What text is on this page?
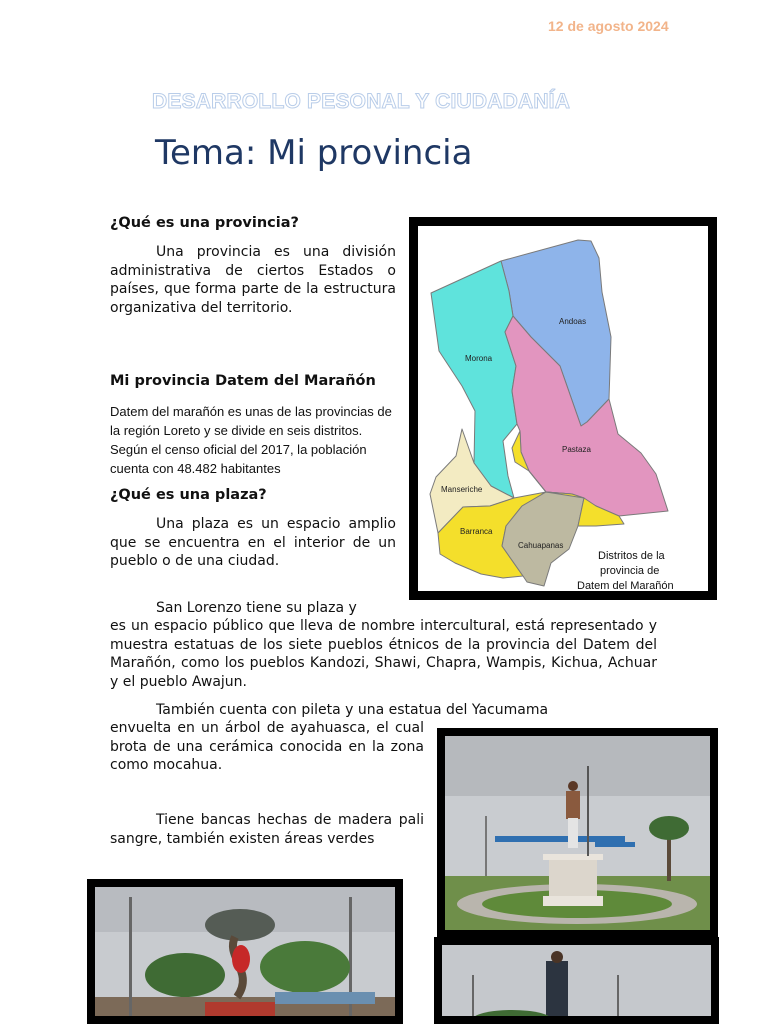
12 de agosto 2024
DESARROLLO PESONAL Y CIUDADANÍA
Tema: Mi provincia
¿Qué es una provincia?
Una provincia es una división administrativa de ciertos Estados o países, que forma parte de la estructura organizativa del territorio.
Mi provincia Datem del Marañón
Datem del marañón es unas de las provincias de la región Loreto y se divide en seis distritos. Según el censo oficial del 2017, la población cuenta con 48.482 habitantes
¿Qué es una plaza?
Una plaza es un espacio amplio que se encuentra en el interior de un pueblo o de una ciudad.
San Lorenzo tiene su plaza y
es un espacio público que lleva de nombre intercultural, está representado y muestra estatuas de los siete pueblos étnicos de la provincia del Datem del Marañón, como los pueblos Kandozi, Shawi, Chapra, Wampis, Kichua, Achuar y el pueblo Awajun.
También cuenta con pileta y una estatua del Yacumama
envuelta en un árbol de ayahuasca, el cual brota de una cerámica conocida en la zona como mocahua.
Tiene bancas hechas de madera pali sangre, también existen áreas verdes
Andoas
Morona
Pastaza
Manseriche
Barranca
Cahuapanas
Distritos de la
provincia de
Datem del Marañón
